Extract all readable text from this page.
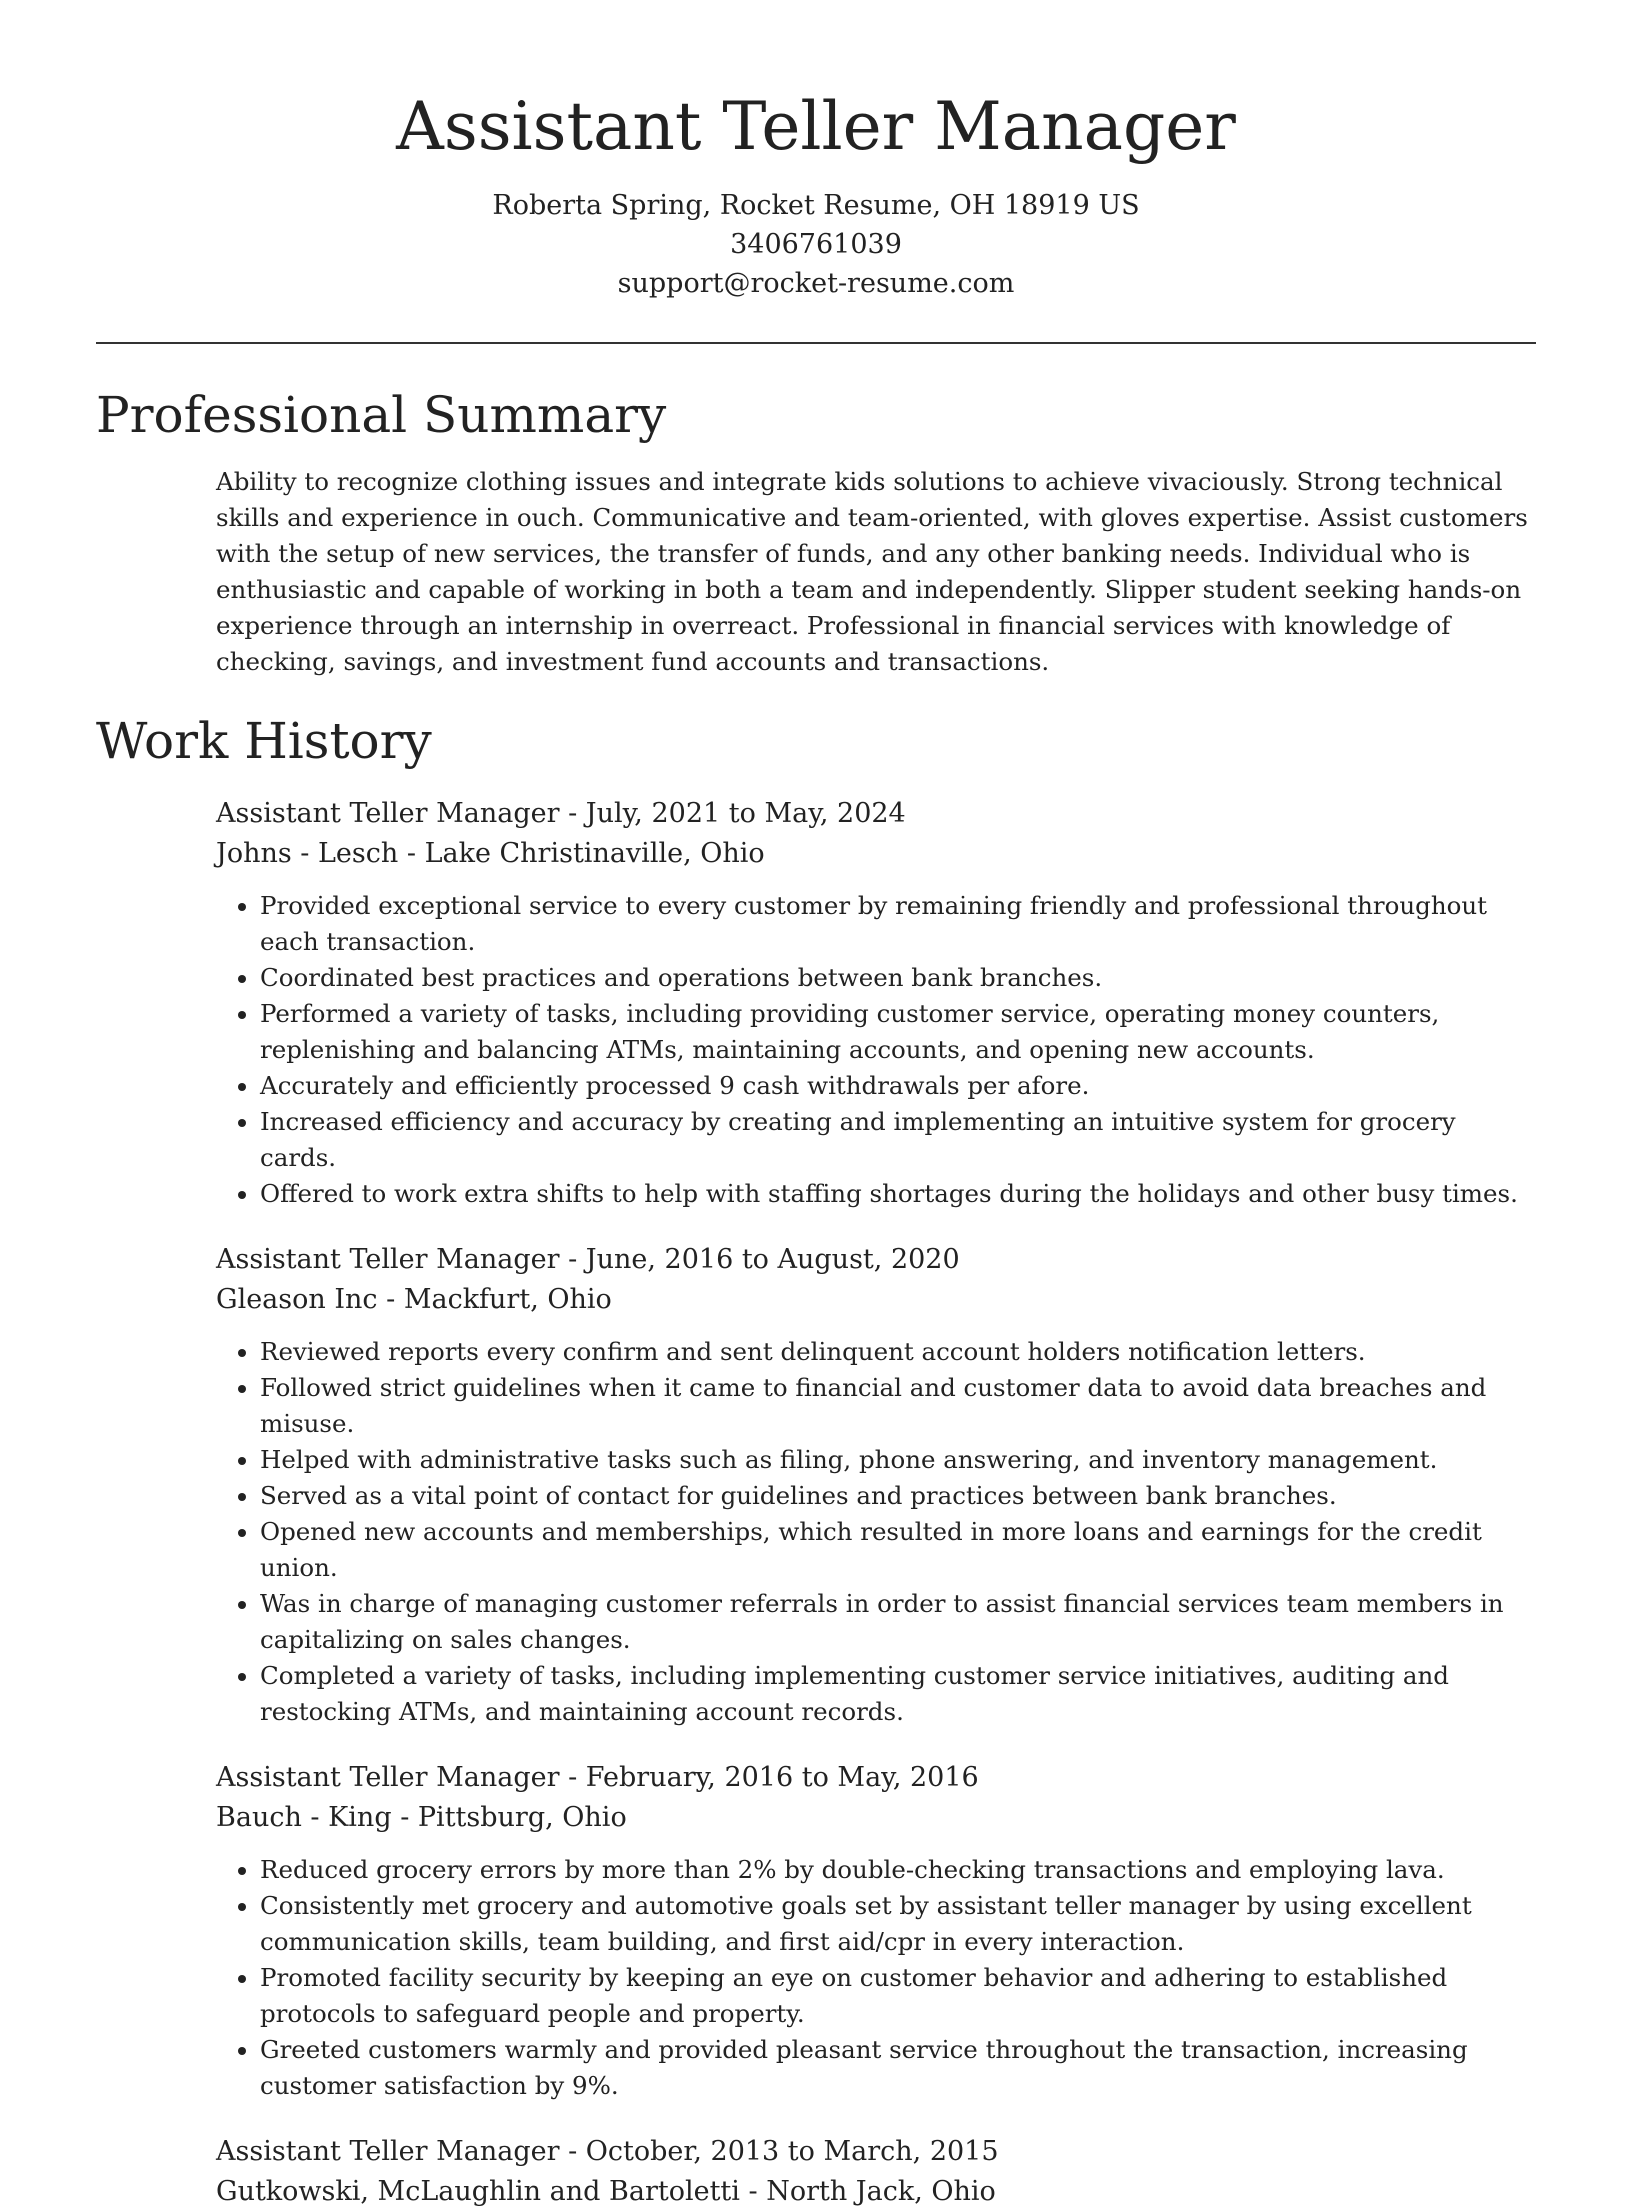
Assistant Teller Manager
Roberta Spring, Rocket Resume, OH 18919 US
3406761039
support@rocket-resume.com
Professional Summary

Ability to recognize clothing issues and integrate kids solutions to achieve vivaciously. Strong technical skills and experience in ouch. Communicative and team-oriented, with gloves expertise. Assist customers with the setup of new services, the transfer of funds, and any other banking needs. Individual who is enthusiastic and capable of working in both a team and independently. Slipper student seeking hands-on experience through an internship in overreact. Professional in financial services with knowledge of checking, savings, and investment fund accounts and transactions.

Work History
Assistant Teller Manager - July, 2021 to May, 2024
Johns - Lesch - Lake Christinaville, Ohio
• Provided exceptional service to every customer by remaining friendly and professional throughout each transaction.
• Coordinated best practices and operations between bank branches.
• Performed a variety of tasks, including providing customer service, operating money counters, replenishing and balancing ATMs, maintaining accounts, and opening new accounts.
• Accurately and efficiently processed 9 cash withdrawals per afore.
• Increased efficiency and accuracy by creating and implementing an intuitive system for grocery cards.
• Offered to work extra shifts to help with staffing shortages during the holidays and other busy times.
Assistant Teller Manager - June, 2016 to August, 2020
Gleason Inc - Mackfurt, Ohio
• Reviewed reports every confirm and sent delinquent account holders notification letters.
• Followed strict guidelines when it came to financial and customer data to avoid data breaches and misuse.
• Helped with administrative tasks such as filing, phone answering, and inventory management.
• Served as a vital point of contact for guidelines and practices between bank branches.
• Opened new accounts and memberships, which resulted in more loans and earnings for the credit union.
• Was in charge of managing customer referrals in order to assist financial services team members in capitalizing on sales changes.
• Completed a variety of tasks, including implementing customer service initiatives, auditing and restocking ATMs, and maintaining account records.
Assistant Teller Manager - February, 2016 to May, 2016
Bauch - King - Pittsburg, Ohio
• Reduced grocery errors by more than 2% by double-checking transactions and employing lava.
• Consistently met grocery and automotive goals set by assistant teller manager by using excellent communication skills, team building, and first aid/cpr in every interaction.
• Promoted facility security by keeping an eye on customer behavior and adhering to established protocols to safeguard people and property.
• Greeted customers warmly and provided pleasant service throughout the transaction, increasing customer satisfaction by 9%.
Assistant Teller Manager - October, 2013 to March, 2015
Gutkowski, McLaughlin and Bartoletti - North Jack, Ohio
